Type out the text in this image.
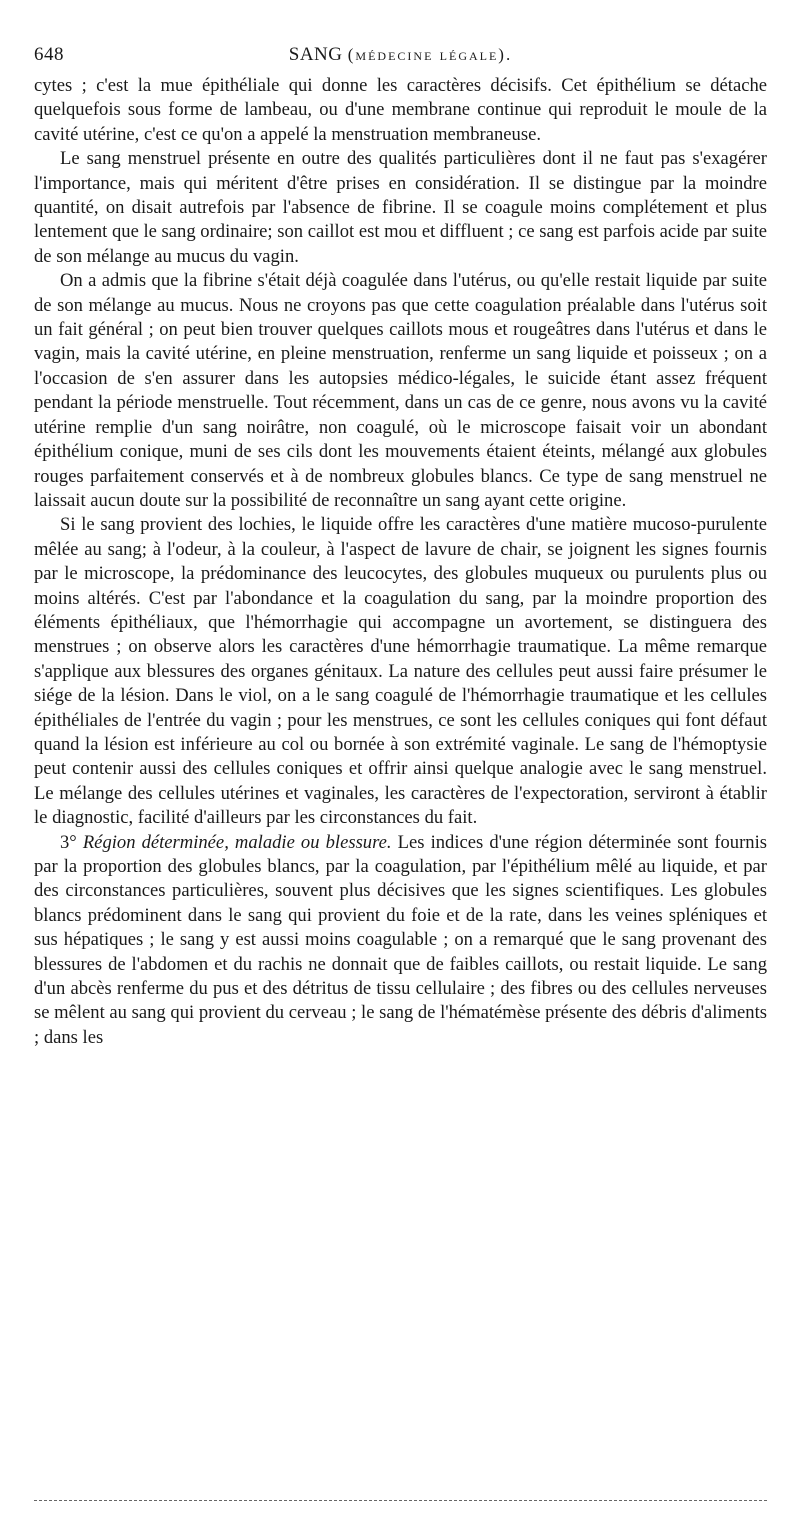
648	SANG (médecine légale).

cytes ; c'est la mue épithéliale qui donne les caractères décisifs. Cet épithélium se détache quelquefois sous forme de lambeau, ou d'une membrane continue qui reproduit le moule de la cavité utérine, c'est ce qu'on a appelé la menstruation membraneuse.

Le sang menstruel présente en outre des qualités particulières dont il ne faut pas s'exagérer l'importance, mais qui méritent d'être prises en considération. Il se distingue par la moindre quantité, on disait autrefois par l'absence de fibrine. Il se coagule moins complétement et plus lentement que le sang ordinaire; son caillot est mou et diffluent ; ce sang est parfois acide par suite de son mélange au mucus du vagin.

On a admis que la fibrine s'était déjà coagulée dans l'utérus, ou qu'elle restait liquide par suite de son mélange au mucus. Nous ne croyons pas que cette coagulation préalable dans l'utérus soit un fait général ; on peut bien trouver quelques caillots mous et rougeâtres dans l'utérus et dans le vagin, mais la cavité utérine, en pleine menstruation, renferme un sang liquide et poisseux ; on a l'occasion de s'en assurer dans les autopsies médico-légales, le suicide étant assez fréquent pendant la période menstruelle. Tout récemment, dans un cas de ce genre, nous avons vu la cavité utérine remplie d'un sang noirâtre, non coagulé, où le microscope faisait voir un abondant épithélium conique, muni de ses cils dont les mouvements étaient éteints, mélangé aux globules rouges parfaitement conservés et à de nombreux globules blancs. Ce type de sang menstruel ne laissait aucun doute sur la possibilité de reconnaître un sang ayant cette origine.

Si le sang provient des lochies, le liquide offre les caractères d'une matière mucoso-purulente mêlée au sang; à l'odeur, à la couleur, à l'aspect de lavure de chair, se joignent les signes fournis par le microscope, la prédominance des leucocytes, des globules muqueux ou purulents plus ou moins altérés. C'est par l'abondance et la coagulation du sang, par la moindre proportion des éléments épithéliaux, que l'hémorrhagie qui accompagne un avortement, se distinguera des menstrues ; on observe alors les caractères d'une hémorrhagie traumatique. La même remarque s'applique aux blessures des organes génitaux. La nature des cellules peut aussi faire présumer le siége de la lésion. Dans le viol, on a le sang coagulé de l'hémorrhagie traumatique et les cellules épithéliales de l'entrée du vagin ; pour les menstrues, ce sont les cellules coniques qui font défaut quand la lésion est inférieure au col ou bornée à son extrémité vaginale. Le sang de l'hémoptysie peut contenir aussi des cellules coniques et offrir ainsi quelque analogie avec le sang menstruel. Le mélange des cellules utérines et vaginales, les caractères de l'expectoration, serviront à établir le diagnostic, facilité d'ailleurs par les circonstances du fait.

3° Région déterminée, maladie ou blessure. Les indices d'une région déterminée sont fournis par la proportion des globules blancs, par la coagulation, par l'épithélium mêlé au liquide, et par des circonstances particulières, souvent plus décisives que les signes scientifiques. Les globules blancs prédominent dans le sang qui provient du foie et de la rate, dans les veines spléniques et sus hépatiques ; le sang y est aussi moins coagulable ; on a remarqué que le sang provenant des blessures de l'abdomen et du rachis ne donnait que de faibles caillots, ou restait liquide. Le sang d'un abcès renferme du pus et des détritus de tissu cellulaire ; des fibres ou des cellules nerveuses se mêlent au sang qui provient du cerveau ; le sang de l'hématémèse présente des débris d'aliments ; dans les
